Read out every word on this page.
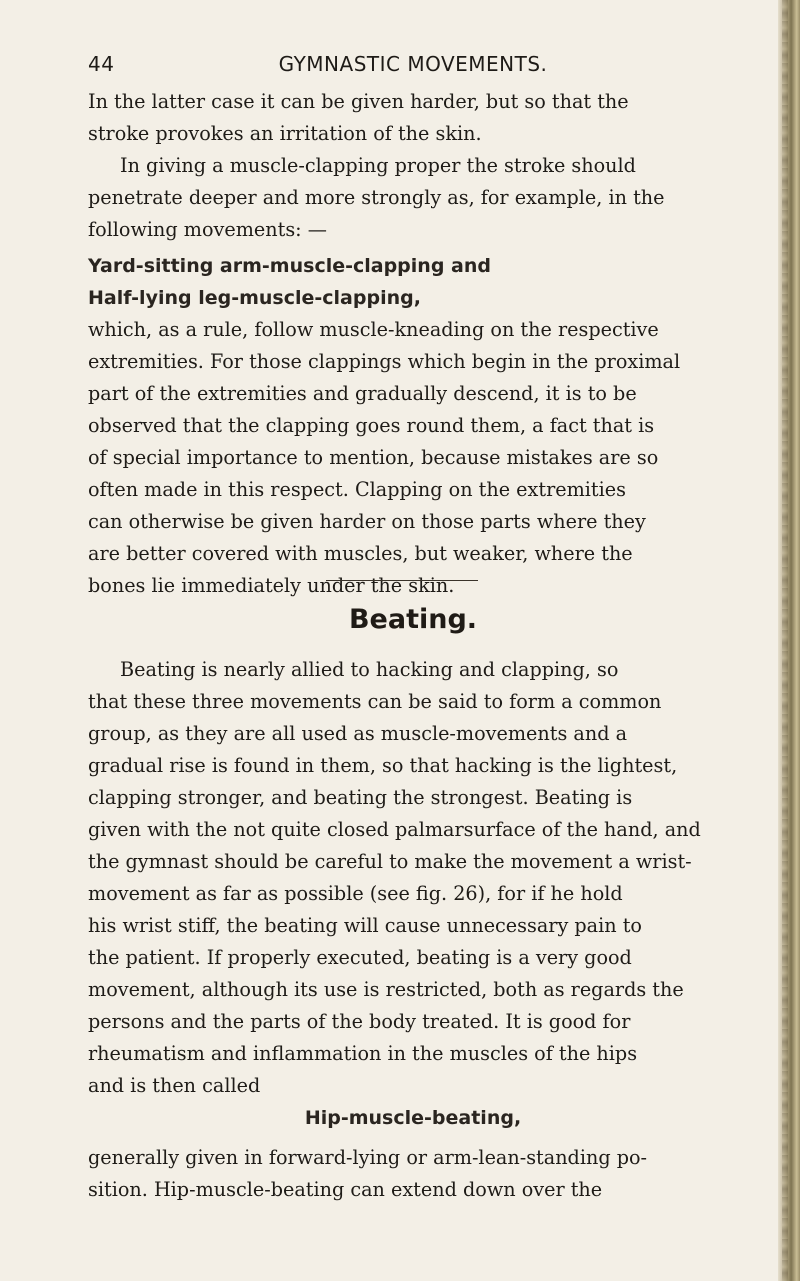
44	GYMNASTIC MOVEMENTS.

In the latter case it can be given harder, but so that the

stroke provokes an irritation of the skin.

In giving a muscle-clapping proper the stroke should

penetrate deeper and more strongly as, for example, in the

following movements: —

Yard-sitting arm-muscle-clapping and

Half-lying leg-muscle-clapping,

which, as a rule, follow muscle-kneading on the respective

extremities. For those clappings which begin in the proximal

part of the extremities and gradually descend, it is to be

observed that the clapping goes round them, a fact that is

of special importance to mention, because mistakes are so

often made in this respect. Clapping on the extremities

can otherwise be given harder on those parts where they

are better covered with muscles, but weaker, where the

bones lie immediately under the skin.

Beating.

Beating is nearly allied to hacking and clapping, so

that these three movements can be said to form a common

group, as they are all used as muscle-movements and a

gradual rise is found in them, so that hacking is the lightest,

clapping stronger, and beating the strongest. Beating is

given with the not quite closed palmarsurface of the hand, and

the gymnast should be careful to make the movement a wrist-

movement as far as possible (see fig. 26), for if he hold

his wrist stiff, the beating will cause unnecessary pain to

the patient. If properly executed, beating is a very good

movement, although its use is restricted, both as regards the

persons and the parts of the body treated. It is good for

rheumatism and inflammation in the muscles of the hips

and is then called

Hip-muscle-beating,

generally given in forward-lying or arm-lean-standing po-

sition. Hip-muscle-beating can extend down over the
